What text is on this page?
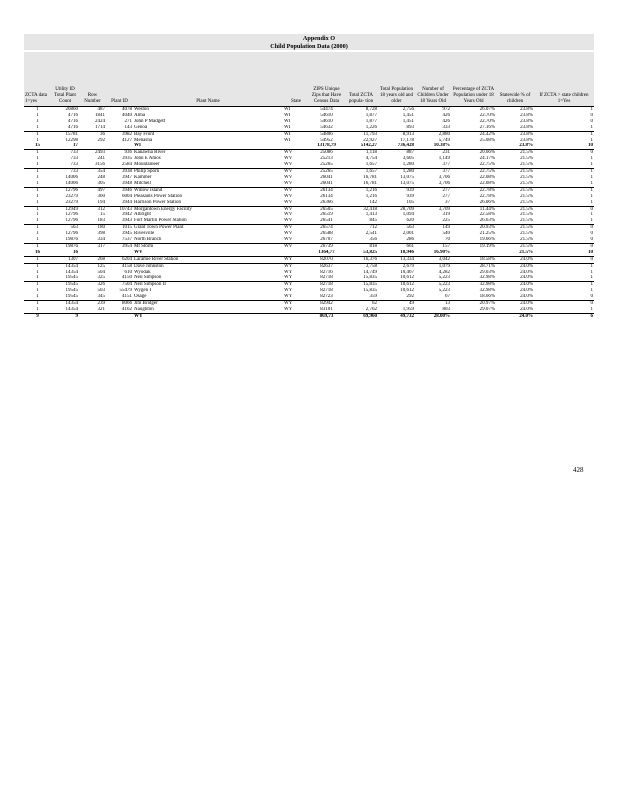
Appendix O
Child Population Data (2000)
ZCTA data 1=yes	Utility ID Total Plant Count	Row Number	Plant ID	Plant Name	State	ZIPS Unique Zips that Have Census Data	Total ZCTA popula- tion	Total Population 18 years old and older	Number of Children Under 18 Years Old	Percentage of ZCTA Population under 18 Years Old	Statewide % of children	If ZCTA > state children 1=Yes
1	20860	487	4078	Weston	WI	54474	8,728	2,756	972	26.07%	23.8%	1
1	4716	1841	4040	Alma	WI	54610	1,877	1,451	426	22.70%	23.8%	0
1	4716	2424	271	John P Madgett	WI	54610	1,877	1,451	426	22.70%	23.8%	0
1	4716	1714	143	Genoa	WI	54632	1,226	893	333	27.16%	23.8%	1
1	15781	36	3982	Bay Front	WI	54806	11,793	8,913	2,880	24.42%	23.8%	1
1	12298	292	4127	Menasha	WI	54952	22,927	17,178	5,749	25.08%	23.8%	1
15	17			WI		13178,79	5142,27	736,428	10.38%		23.8%	10
1	733	2493	936	Kanawha River	WV	25086	1,118	887	231	20.66%	21.5%	0
1	733	241	3935	John E Amos	WV	25213	4,754	3,605	1,149	24.17%	21.5%	1
1	733	3156	2584	Mountaineer	WV	25265	1,657	1,280	377	22.75%	21.5%	1
1	733	354	3938	Philip Sporn	WV	25265	1,657	1,280	377	22.75%	21.5%	1
1	14006	248	3947	Kammer	WV	26041	16,781	13,075	3,706	22.08%	21.5%	1
1	14006	305	3948	Mitchell	WV	26041	16,781	13,075	3,706	22.08%	21.5%	1
1	12796	497	3946	Willow Island	WV	26134	1,216	939	277	22.78%	21.5%	1
1	23279	360	6004	Pleasants Power Station	WV	26134	1,216	939	277	22.78%	21.5%	1
1	23279	194	3944	Harrison Power Station	WV	26366	142	105	37	26.06%	21.5%	1
1	12949	312	10743	Morgantown Energy Facility	WV	26505	32,418	28,709	3,709	11.44%	21.5%	0
1	12796	15	3942	Albright	WV	26519	1,413	1,094	319	22.58%	21.5%	1
1	12796	183	3943	Fort Martin Power Station	WV	26541	845	620	225	26.63%	21.5%	1
1	563	180	1015	Grant Town Power Plant	WV	26574	712	563	149	20.93%	21.5%	0
1	12796	398	3945	Rivesville	WV	26588	2,541	2,001	540	21.25%	21.5%	0
1	19876	334	7537	North Branch	WV	26707	356	286	70	19.66%	21.5%	0
1	19876	317	3954	Mt Storm	WV	26739	818	661	157	19.19%	21.5%	0
16	16			WV		1364,77	53,825	10,946	16.90%		21.5%	10
1	1307	268	6204	Laramie River Station	WY	82070	16,376	13,334	3,042	18.58%	24.0%	0
1	14354	125	4158	Dave Johnston	WY	82637	3,758	2,679	1,079	28.71%	24.0%	1
1	14354	504	610	Wyodak	WY	82716	14,749	10,467	4,282	29.03%	24.0%	1
1	19545	325	4150	Neil Simpson	WY	82718	15,835	10,612	5,223	32.98%	24.0%	1
1	19545	326	7504	Neil Simpson II	WY	82718	15,835	10,612	5,223	32.98%	24.0%	1
1	19545	503	55479	Wygen I	WY	82718	15,835	10,612	5,223	32.98%	24.0%	1
1	19545	345	4151	Osage	WY	82723	359	292	67	18.66%	24.0%	0
1	14354	239	8066	Jim Bridger	WY	82942	62	49	13	20.97%	24.0%	0
1	14354	321	4162	Naughton	WY	83101	2,762	1,959	803	29.07%	24.0%	1
9	9			WY		869,73	69,960	49,732	28.00%		24.0%	6
428
